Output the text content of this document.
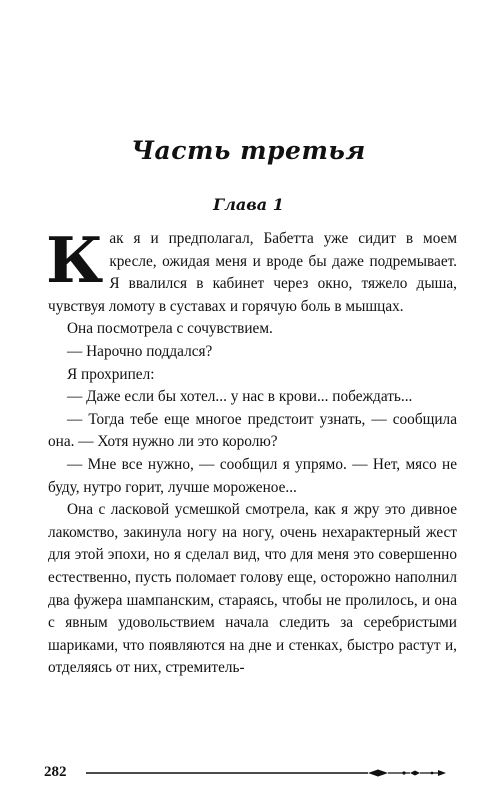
Часть третья
Глава 1

Как я и предполагал, Бабетта уже сидит в моем кресле, ожидая меня и вроде бы даже подремывает. Я ввалился в кабинет через окно, тяжело дыша, чувствуя ломоту в суставах и горячую боль в мышцах.

Она посмотрела с сочувствием.

— Нарочно поддался?

Я прохрипел:

— Даже если бы хотел... у нас в крови... побеждать...

— Тогда тебе еще многое предстоит узнать, — сообщила она. — Хотя нужно ли это королю?

— Мне все нужно, — сообщил я упрямо. — Нет, мясо не буду, нутро горит, лучше мороженое...

Она с ласковой усмешкой смотрела, как я жру это дивное лакомство, закинула ногу на ногу, очень нехарактерный жест для этой эпохи, но я сделал вид, что для меня это совершенно естественно, пусть поломает голову еще, осторожно наполнил два фужера шампанским, стараясь, чтобы не пролилось, и она с явным удовольствием начала следить за серебристыми шариками, что появляются на дне и стенках, быстро растут и, отделяясь от них, стремитель-

282
